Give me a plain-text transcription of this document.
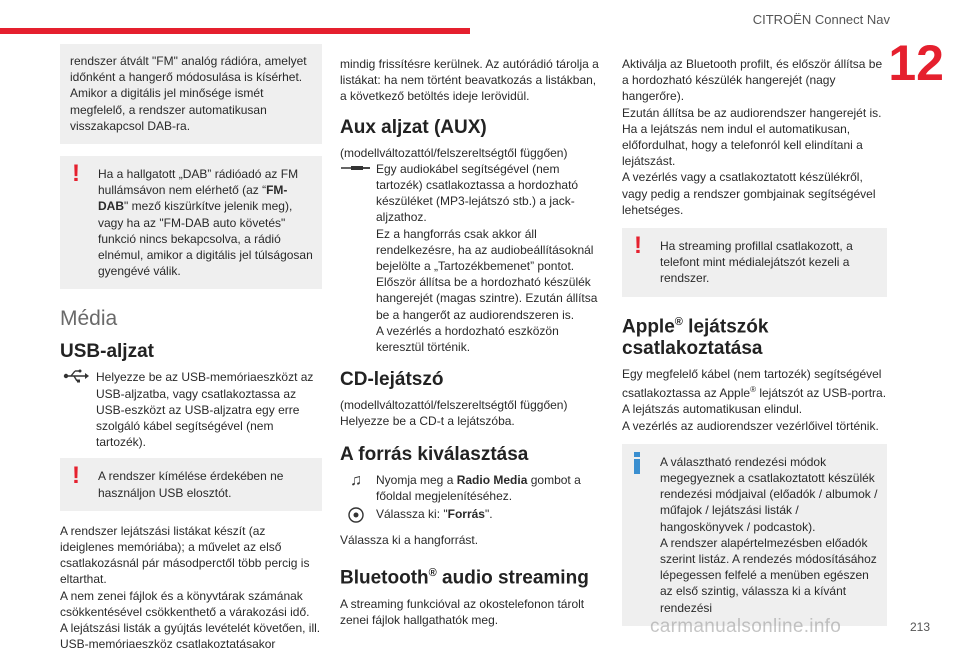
CITROËN Connect Nav
12

rendszer átvált "FM" analóg rádióra, amelyet időnként a hangerő módosulása is kísérhet. Amikor a digitális jel minősége ismét megfelelő, a rendszer automatikusan visszakapcsol DAB-ra.

!	Ha a hallgatott „DAB” rádióadó az FM hullámsávon nem elérhető (az “FM-DAB" mező kiszürkítve jelenik meg), vagy ha az "FM-DAB auto követés" funkció nincs bekapcsolva, a rádió elnémul, amikor a digitális jel túlságosan gyengévé válik.

Média
USB-aljzat

Helyezze be az USB-memóriaeszközt az USB-aljzatba, vagy csatlakoztassa az USB-eszközt az USB-aljzatra egy erre szolgáló kábel segítségével (nem tartozék).

!	A rendszer kímélése érdekében ne használjon USB elosztót.

A rendszer lejátszási listákat készít (az ideiglenes memóriába); a művelet az első csatlakozásnál pár másodperctől több percig is eltarthat.
A nem zenei fájlok és a könyvtárak számának csökkentésével csökkenthető a várakozási idő.
A lejátszási listák a gyújtás levételét követően, ill. USB-memóriaeszköz csatlakoztatásakor

mindig frissítésre kerülnek. Az autórádió tárolja a listákat: ha nem történt beavatkozás a listákban, a következő betöltés ideje lerövidül.

Aux aljzat (AUX)

(modellváltozattól/felszereltségtől függően)

Egy audiokábel segítségével (nem tartozék) csatlakoztassa a hordozható készüléket (MP3-lejátszó stb.) a jack-aljzathoz.
Ez a hangforrás csak akkor áll rendelkezésre, ha az audiobeállításoknál bejelölte a „Tartozékbemenet” pontot.
Először állítsa be a hordozható készülék hangerejét (magas szintre). Ezután állítsa be a hangerőt az audiorendszeren is.
A vezérlés a hordozható eszközön keresztül történik.

CD-lejátszó

(modellváltozattól/felszereltségtől függően)
Helyezze be a CD-t a lejátszóba.

A forrás kiválasztása
♫	Nyomja meg a Radio Media gombot a főoldal megjelenítéséhez.

Válassza ki: "Forrás".

Válassza ki a hangforrást.

Bluetooth® audio streaming

A streaming funkcióval az okostelefonon tárolt zenei fájlok hallgathatók meg.

Aktiválja az Bluetooth profilt, és először állítsa be a hordozható készülék hangerejét (nagy hangerőre).
Ezután állítsa be az audiorendszer hangerejét is.
Ha a lejátszás nem indul el automatikusan, előfordulhat, hogy a telefonról kell elindítani a lejátszást.
A vezérlés vagy a csatlakoztatott készülékről, vagy pedig a rendszer gombjainak segítségével lehetséges.

!	Ha streaming profillal csatlakozott, a telefont mint médialejátszót kezeli a rendszer.

Apple® lejátszók csatlakoztatása

Egy megfelelő kábel (nem tartozék) segítségével csatlakoztassa az Apple® lejátszót az USB-portra.
A lejátszás automatikusan elindul.
A vezérlés az audiorendszer vezérlőivel történik.

A választható rendezési módok megegyeznek a csatlakoztatott készülék rendezési módjaival (előadók / albumok / műfajok / lejátszási listák / hangoskönyvek / podcastok).
A rendszer alapértelmezésben előadók szerint listáz. A rendezés módosításához lépegessen felfelé a menüben egészen az első szintig, válassza ki a kívánt rendezési

213
carmanualsonline.info
